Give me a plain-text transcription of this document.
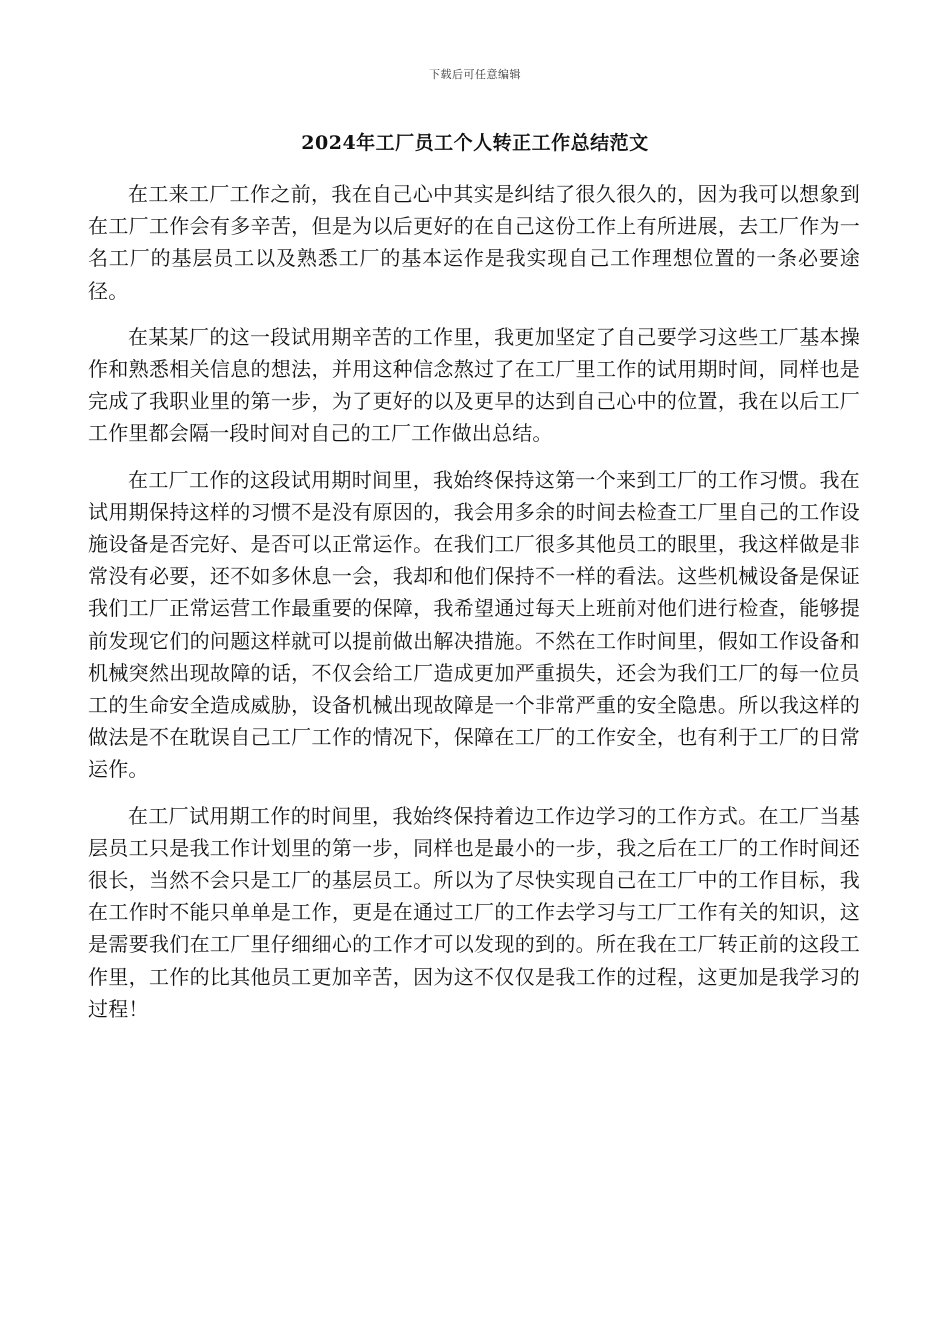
下载后可任意编辑
2024年工厂员工个人转正工作总结范文

在工来工厂工作之前，我在自己心中其实是纠结了很久很久的，因为我可以想象到在工厂工作会有多辛苦，但是为以后更好的在自己这份工作上有所进展，去工厂作为一名工厂的基层员工以及熟悉工厂的基本运作是我实现自己工作理想位置的一条必要途径。

在某某厂的这一段试用期辛苦的工作里，我更加坚定了自己要学习这些工厂基本操作和熟悉相关信息的想法，并用这种信念熬过了在工厂里工作的试用期时间，同样也是完成了我职业里的第一步，为了更好的以及更早的达到自己心中的位置，我在以后工厂工作里都会隔一段时间对自己的工厂工作做出总结。

在工厂工作的这段试用期时间里，我始终保持这第一个来到工厂的工作习惯。我在试用期保持这样的习惯不是没有原因的，我会用多余的时间去检查工厂里自己的工作设施设备是否完好、是否可以正常运作。在我们工厂很多其他员工的眼里，我这样做是非常没有必要，还不如多休息一会，我却和他们保持不一样的看法。这些机械设备是保证我们工厂正常运营工作最重要的保障，我希望通过每天上班前对他们进行检查，能够提前发现它们的问题这样就可以提前做出解决措施。不然在工作时间里，假如工作设备和机械突然出现故障的话，不仅会给工厂造成更加严重损失，还会为我们工厂的每一位员工的生命安全造成威胁，设备机械出现故障是一个非常严重的安全隐患。所以我这样的做法是不在耽误自己工厂工作的情况下，保障在工厂的工作安全，也有利于工厂的日常运作。

在工厂试用期工作的时间里，我始终保持着边工作边学习的工作方式。在工厂当基层员工只是我工作计划里的第一步，同样也是最小的一步，我之后在工厂的工作时间还很长，当然不会只是工厂的基层员工。所以为了尽快实现自己在工厂中的工作目标，我在工作时不能只单单是工作，更是在通过工厂的工作去学习与工厂工作有关的知识，这是需要我们在工厂里仔细细心的工作才可以发现的到的。所在我在工厂转正前的这段工作里，工作的比其他员工更加辛苦，因为这不仅仅是我工作的过程，这更加是我学习的过程！
